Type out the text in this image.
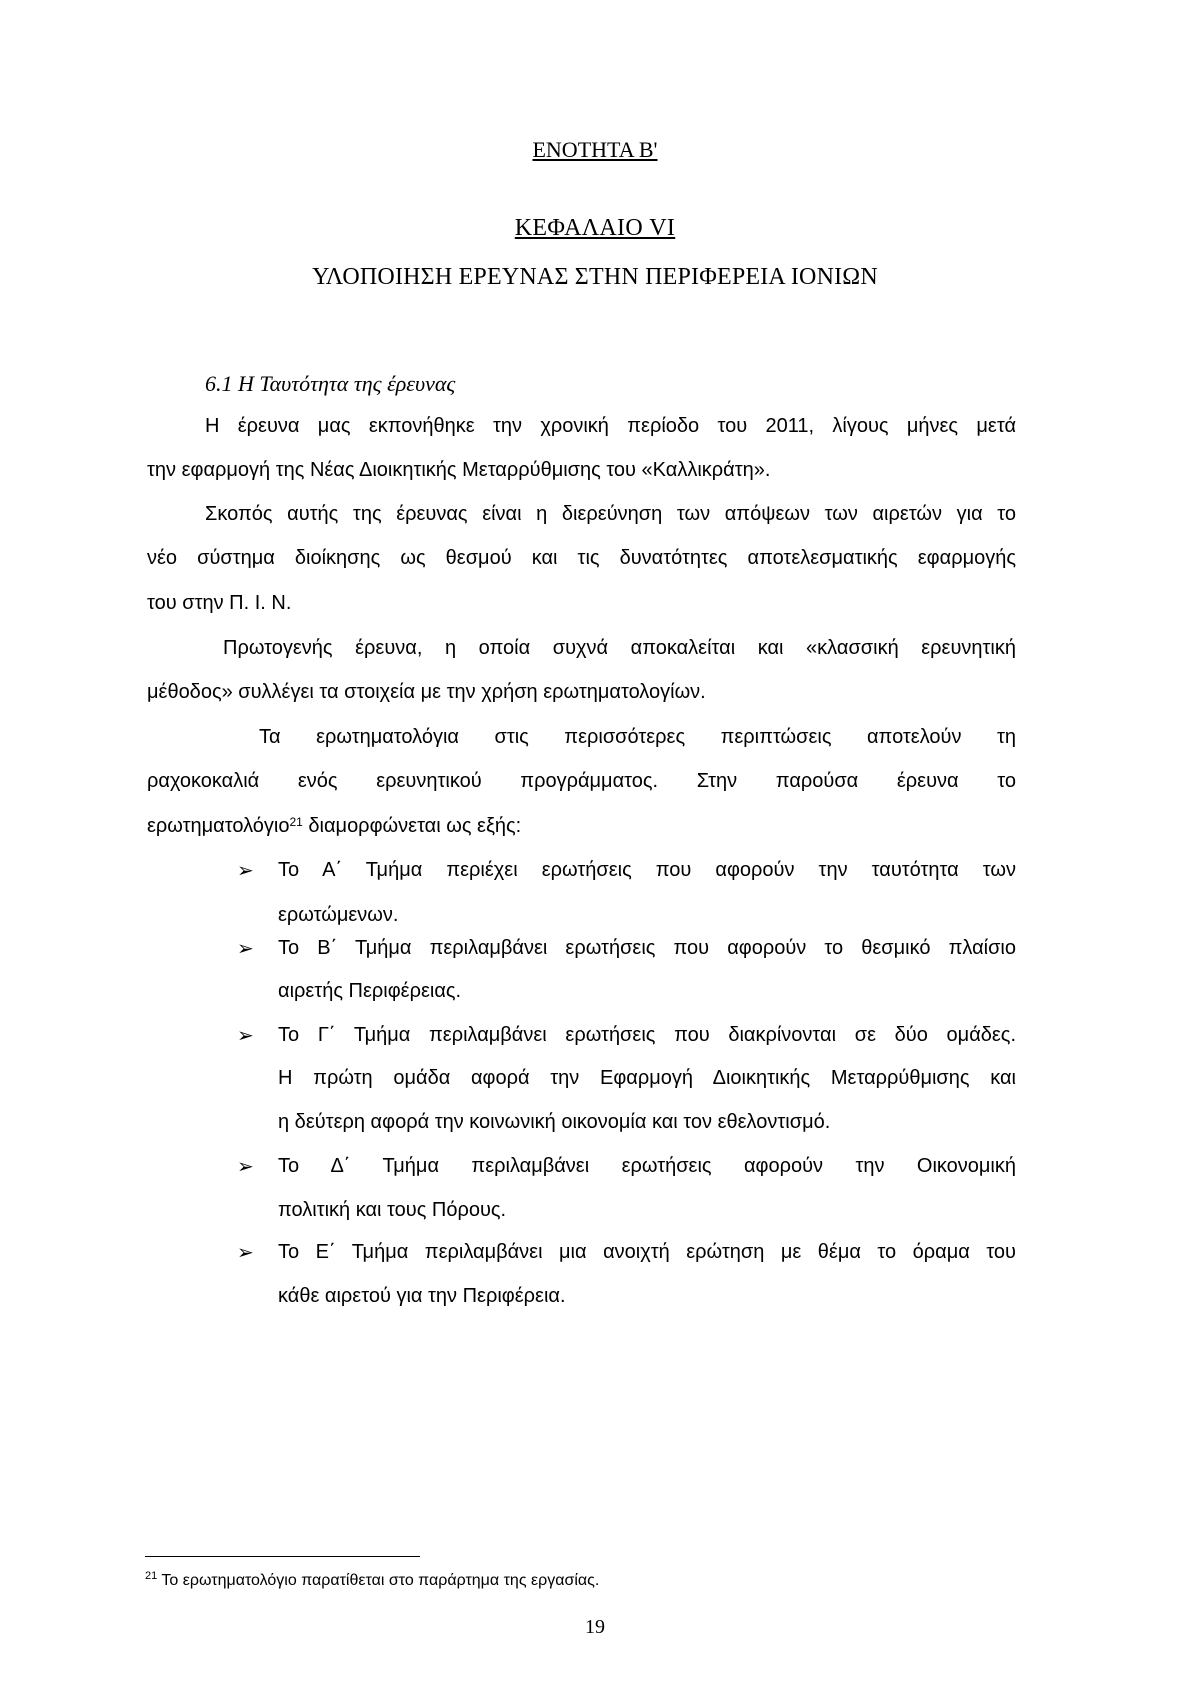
ΕΝΟΤΗΤΑ Β'
ΚΕΦΑΛΑΙΟ VI
ΥΛΟΠΟΙΗΣΗ ΕΡΕΥΝΑΣ ΣΤΗΝ ΠΕΡΙΦΕΡΕΙΑ ΙΟΝΙΩΝ
6.1 Η Ταυτότητα της έρευνας
Η έρευνα μας εκπονήθηκε την χρονική περίοδο του 2011, λίγους μήνες μετά
την εφαρμογή της Νέας Διοικητικής Μεταρρύθμισης του «Καλλικράτη».
Σκοπός αυτής της έρευνας είναι η διερεύνηση των απόψεων των αιρετών για το
νέο σύστημα διοίκησης ως θεσμού και τις δυνατότητες αποτελεσματικής εφαρμογής
του στην Π. Ι. Ν.
Πρωτογενής έρευνα, η οποία συχνά αποκαλείται και «κλασσική ερευνητική
μέθοδος» συλλέγει τα στοιχεία με την χρήση ερωτηματολογίων.
Τα ερωτηματολόγια στις περισσότερες περιπτώσεις αποτελούν τη
ραχοκοκαλιά ενός ερευνητικού προγράμματος. Στην παρούσα έρευνα το
ερωτηματολόγιο$^{21}$ διαμορφώνεται ως εξής:
➢ Το Α΄ Τμήμα περιέχει ερωτήσεις που αφορούν την ταυτότητα των
ερωτώμενων.
➢ Το Β΄ Τμήμα περιλαμβάνει ερωτήσεις που αφορούν το θεσμικό πλαίσιο
αιρετής Περιφέρειας.
➢ Το Γ΄ Τμήμα περιλαμβάνει ερωτήσεις που διακρίνονται σε δύο ομάδες.
Η πρώτη ομάδα αφορά την Εφαρμογή Διοικητικής Μεταρρύθμισης και
η δεύτερη αφορά την κοινωνική οικονομία και τον εθελοντισμό.
➢ Το Δ΄ Τμήμα περιλαμβάνει ερωτήσεις αφορούν την Οικονομική
πολιτική και τους Πόρους.
➢ Το Ε΄ Τμήμα περιλαμβάνει μια ανοιχτή ερώτηση με θέμα το όραμα του
κάθε αιρετού για την Περιφέρεια.
$^{21}$ Το ερωτηματολόγιο παρατίθεται στο παράρτημα της εργασίας.
19
